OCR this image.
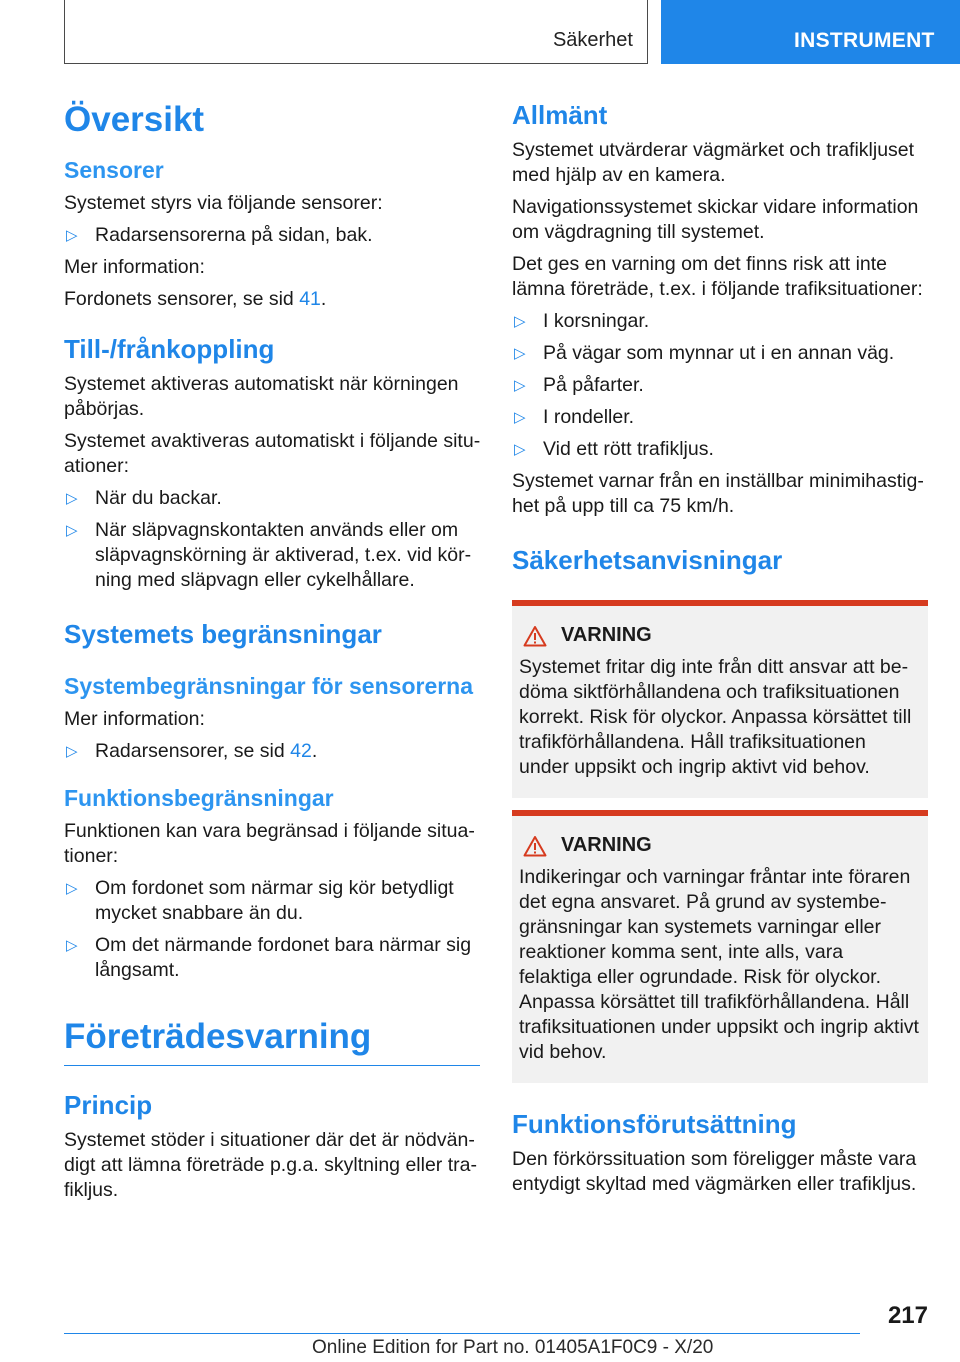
Säkerhet	INSTRUMENT
Översikt
Sensorer

Systemet styrs via följande sensorer:

▷ Radarsensorerna på sidan, bak.

Mer information:

Fordonets sensorer, se sid 41.

Till-/frånkoppling

Systemet aktiveras automatiskt när körningen påbörjas.

Systemet avaktiveras automatiskt i följande situationer:

▷ När du backar.
▷ När släpvagnskontakten används eller om släpvagnskörning är aktiverad, t.ex. vid körning med släpvagn eller cykelhållare.
Systemets begränsningar
Systembegränsningar för sensorerna

Mer information:

▷ Radarsensorer, se sid 42.
Funktionsbegränsningar

Funktionen kan vara begränsad i följande situationer:

▷ Om fordonet som närmar sig kör betydligt mycket snabbare än du.
▷ Om det närmande fordonet bara närmar sig långsamt.
Företrädesvarning
Princip

Systemet stöder i situationer där det är nödvändigt att lämna företräde p.g.a. skyltning eller trafikljus.

Allmänt

Systemet utvärderar vägmärket och trafikljuset med hjälp av en kamera.

Navigationssystemet skickar vidare information om vägdragning till systemet.

Det ges en varning om det finns risk att inte lämna företräde, t.ex. i följande trafiksituationer:

▷ I korsningar.
▷ På vägar som mynnar ut i en annan väg.
▷ På påfarter.
▷ I rondeller.
▷ Vid ett rött trafikljus.

Systemet varnar från en inställbar minimihastighet på upp till ca 75 km/h.

Säkerhetsanvisningar
VARNING

Systemet fritar dig inte från ditt ansvar att bedöma siktförhållandena och trafiksituationen korrekt. Risk för olyckor. Anpassa körsättet till trafikförhållandena. Håll trafiksituationen under uppsikt och ingrip aktivt vid behov.

VARNING

Indikeringar och varningar fråntar inte föraren det egna ansvaret. På grund av systembegränsningar kan systemets varningar eller reaktioner komma sent, inte alls, vara felaktiga eller ogrundade. Risk för olyckor. Anpassa körsättet till trafikförhållandena. Håll trafiksituationen under uppsikt och ingrip aktivt vid behov.

Funktionsförutsättning

Den förkörssituation som föreligger måste vara entydigt skyltad med vägmärken eller trafikljus.

217
Online Edition for Part no. 01405A1F0C9 - X/20
